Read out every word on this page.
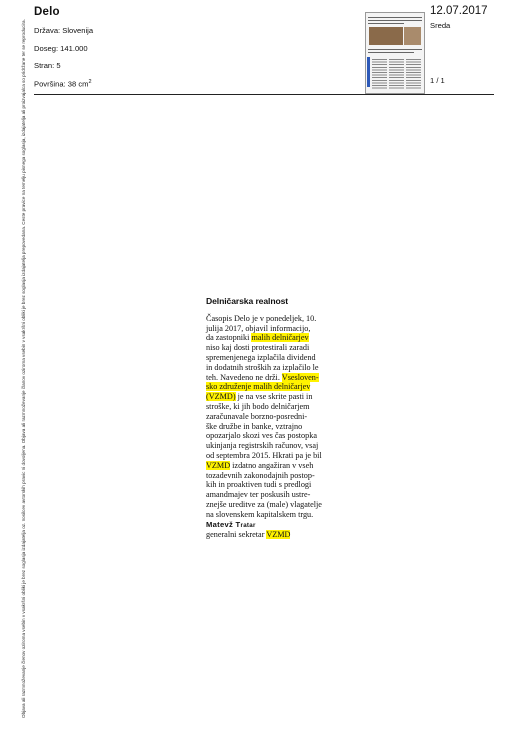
Delo
Država: Slovenija
Doseg: 141.000
Stran: 5
Površina: 38 $cm^2$
12.07.2017
Sreda
1 / 1
Delničarska realnost
Časopis Delo je v ponedeljek, 10.
julija 2017, objavil informacijo,
da zastopniki malih delničarjev
niso kaj dosti protestirali zaradi
spremenjenega izplačila dividend
in dodatnih stroških za izplačilo le
teh. Navedeno ne drži. Vsesloven-
sko združenje malih delničarjev
(VZMD) je na vse skrite pasti in
stroške, ki jih bodo delničarjem
zaračunavale borzno-posredni-
ške družbe in banke, vztrajno
opozarjalo skozi ves čas postopka
ukinjanja registrskih računov, vsaj
od septembra 2015. Hkrati pa je bil
VZMD izdatno angažiran v vseh
tozadevnih zakonodajnih postop-
kih in proaktiven tudi s predlogi
amandmajev ter poskusih ustre-
znejše ureditve za (male) vlagatelje
na slovenskem kapitalskem trgu.
Matevž Tratar
generalni sekretar VZMD
Objava ali razmnoževanje členov oziroma vsebin v vsakršni obliki je brez soglasja izdajatelja oz. nosilcev avtorskih pravic ni dovoljena. Objava ali razmnoževanje članov oziroma vsebin v vsakršni obliki je brez soglasja izdajatelja prepovedana. Ceste pravice na temelju pisnega soglasja, izdajatelja ali proizvajalca so pridržane ter se reproducira.
